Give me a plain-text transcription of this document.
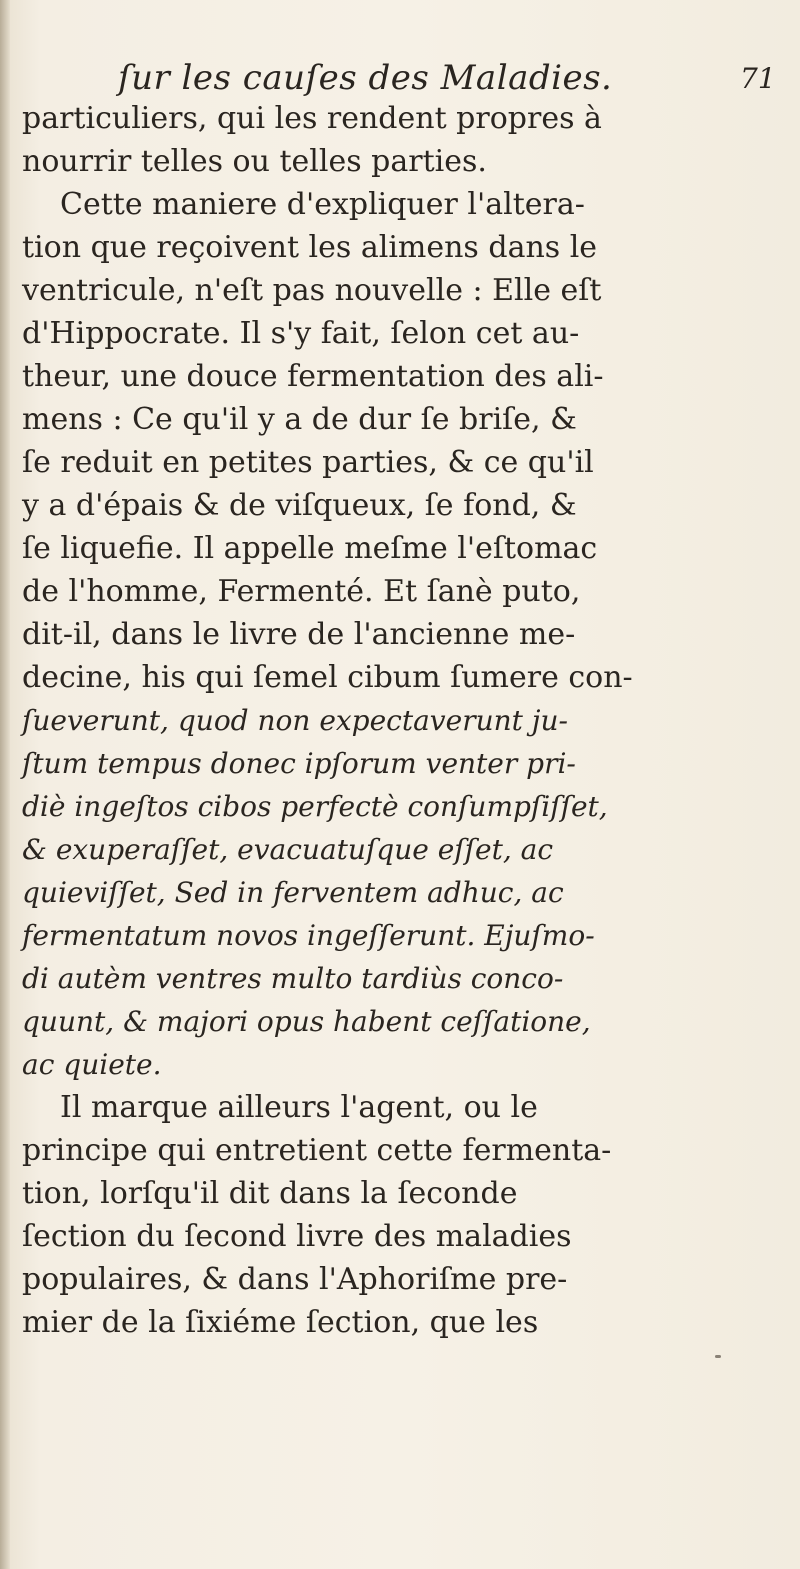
ſur les cauſes des Maladies.	71
particuliers, qui les rendent propres à
nourrir telles ou telles parties.
Cette maniere d'expliquer l'altera-
tion que reçoivent les alimens dans le
ventricule, n'eſt pas nouvelle : Elle eſt
d'Hippocrate. Il s'y fait, ſelon cet au-
theur, une douce fermentation des ali-
mens : Ce qu'il y a de dur ſe briſe, &
ſe reduit en petites parties, & ce qu'il
y a d'épais & de viſqueux, ſe fond, &
ſe liquefie. Il appelle meſme l'eſtomac
de l'homme, Fermenté. Et ſanè puto,
dit-il, dans le livre de l'ancienne me-
decine, his qui ſemel cibum ſumere con-
ſueverunt, quod non expectaverunt ju-
ſtum tempus donec ipſorum venter pri-
diè ingeſtos cibos perfectè conſumpſiſſet,
& exuperaſſet, evacuatuſque eſſet, ac
quieviſſet, Sed in ferventem adhuc, ac
fermentatum novos ingeſſerunt. Ejuſmo-
di autèm ventres multo tardiùs conco-
quunt, & majori opus habent ceſſatione,
ac quiete.
Il marque ailleurs l'agent, ou le
principe qui entretient cette fermenta-
tion, lorſqu'il dit dans la ſeconde
ſection du ſecond livre des maladies
populaires, & dans l'Aphoriſme pre-
mier de la ſixiéme ſection, que les
